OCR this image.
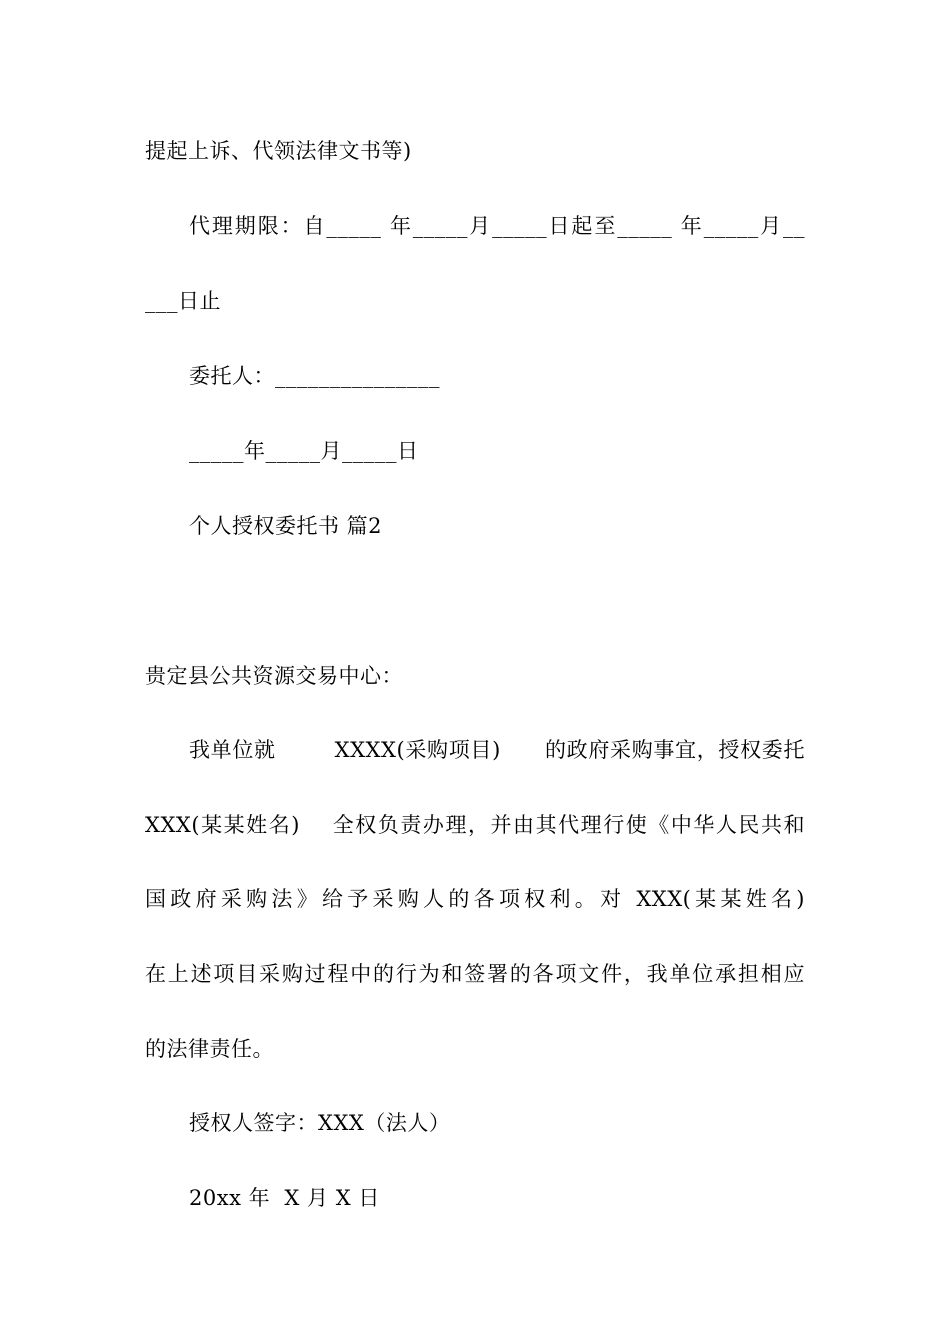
提起上诉、代领法律文书等)
代理期限：自_____ 年_____月_____日起至_____ 年_____月__
___日止
委托人：_______________
_____年_____月_____日
个人授权委托书 篇2
贵定县公共资源交易中心：
我单位就        XXXX(采购项目)      的政府采购事宜，授权委托
XXX(某某姓名)    全权负责办理，并由其代理行使《中华人民共和
国政府采购法》给予采购人的各项权利。对 XXX(某某姓名)
在上述项目采购过程中的行为和签署的各项文件，我单位承担相应
的法律责任。
授权人签字：XXX（法人）
20xx 年  X 月 X 日
